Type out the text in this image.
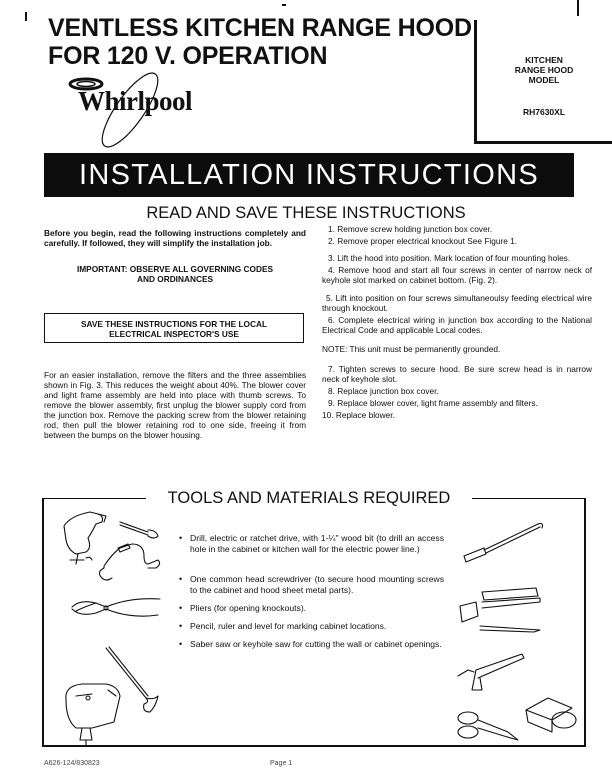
VENTLESS KITCHEN RANGE HOOD
FOR 120 V. OPERATION	KITCHEN
RANGE HOOD
MODEL
RH7630XL
Whirlpool
INSTALLATION INSTRUCTIONS
READ AND SAVE THESE INSTRUCTIONS
Before you begin, read the following instructions completely and carefully. If followed, they will simplify the installation job.
IMPORTANT: OBSERVE ALL GOVERNING CODES
AND ORDINANCES
SAVE THESE INSTRUCTIONS FOR THE LOCAL
ELECTRICAL INSPECTOR'S USE
For an easier installation, remove the filters and the three assemblies shown in Fig. 3. This reduces the weight about 40%. The blower cover and light frame assembly are held into place with thumb screws. To remove the blower assembly, first unplug the blower supply cord from the junction box. Remove the packing screw from the blower retaining rod, then pull the blower retaining rod to one side, freeing it from between the bumps on the blower housing.

1. Remove screw holding junction box cover.

2. Remove proper electrical knockout See Figure 1.

3. Lift the hood into position. Mark location of four mounting holes.

4. Remove hood and start all four screws in center of narrow neck of keyhole slot marked on cabinet bottom. (Fig. 2).

5. Lift into position on four screws simultaneoulsy feeding electrical wire through knockout.

6. Complete electrical wiring in junction box according to the National Electrical Code and applicable Local codes.

NOTE: This unit must be permanently grounded.

7. Tighten screws to secure hood. Be sure screw head is in narrow neck of keyhole slot.

8. Replace junction box cover.

9. Replace blower cover, light frame assembly and filters.

10. Replace blower.

TOOLS AND MATERIALS REQUIRED
• Drill, electric or ratchet drive, with 1-¼" wood bit (to drill an access hole in the cabinet or kitchen wall for the electric power line.)
• One common head screwdriver (to secure hood mounting screws to the cabinet and hood sheet metal parts).
• Pliers (for opening knockouts).
• Pencil, ruler and level for marking cabinet locations.
• Saber saw or keyhole saw for cutting the wall or cabinet openings.
A626-124/830823	Page 1
